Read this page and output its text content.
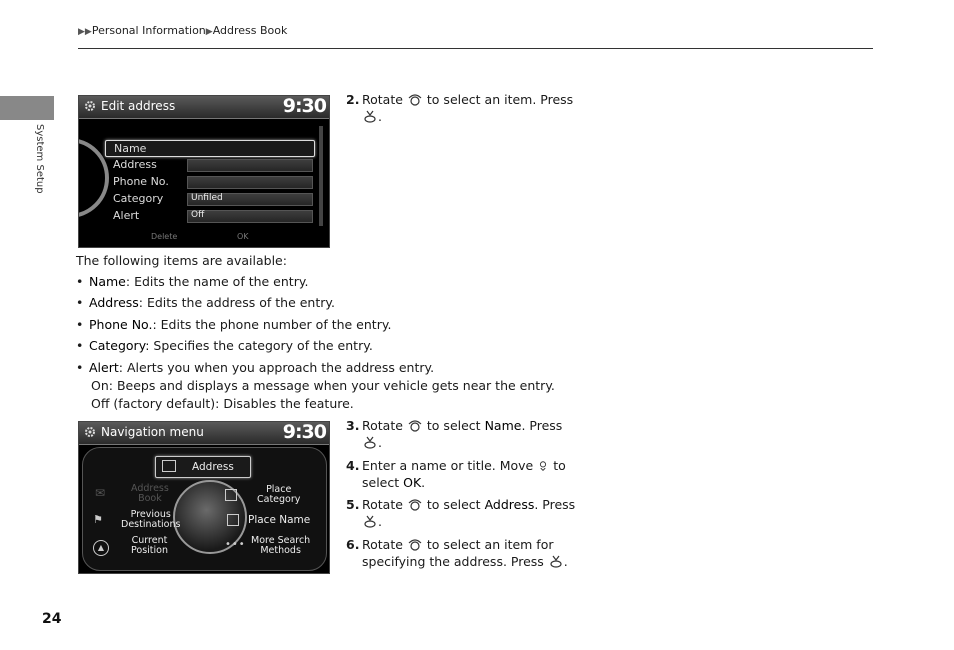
▶▶Personal Information▶Address Book
System Setup
24
Edit address	9:30
Name
Address
Phone No.
Category	Unfiled
Alert	Off
Delete	OK
2. Rotate to select an item. Press
.

The following items are available:

• Name: Edits the name of the entry.
• Address: Edits the address of the entry.
• Phone No.: Edits the phone number of the entry.
• Category: Specifies the category of the entry.
• Alert: Alerts you when you approach the address entry.
On: Beeps and displays a message when your vehicle gets near the entry.
Off (factory default): Disables the feature.
Navigation menu	9:30
Address
✉	Address
Book
⚑	Previous
Destinations
▲
Current
Position
Place
Category
Place Name
••• More Search
Methods
3. Rotate to select Name. Press
.
4. Enter a name or title. Move to
select OK.
5. Rotate to select Address. Press
.
6. Rotate to select an item for
specifying the address. Press .
